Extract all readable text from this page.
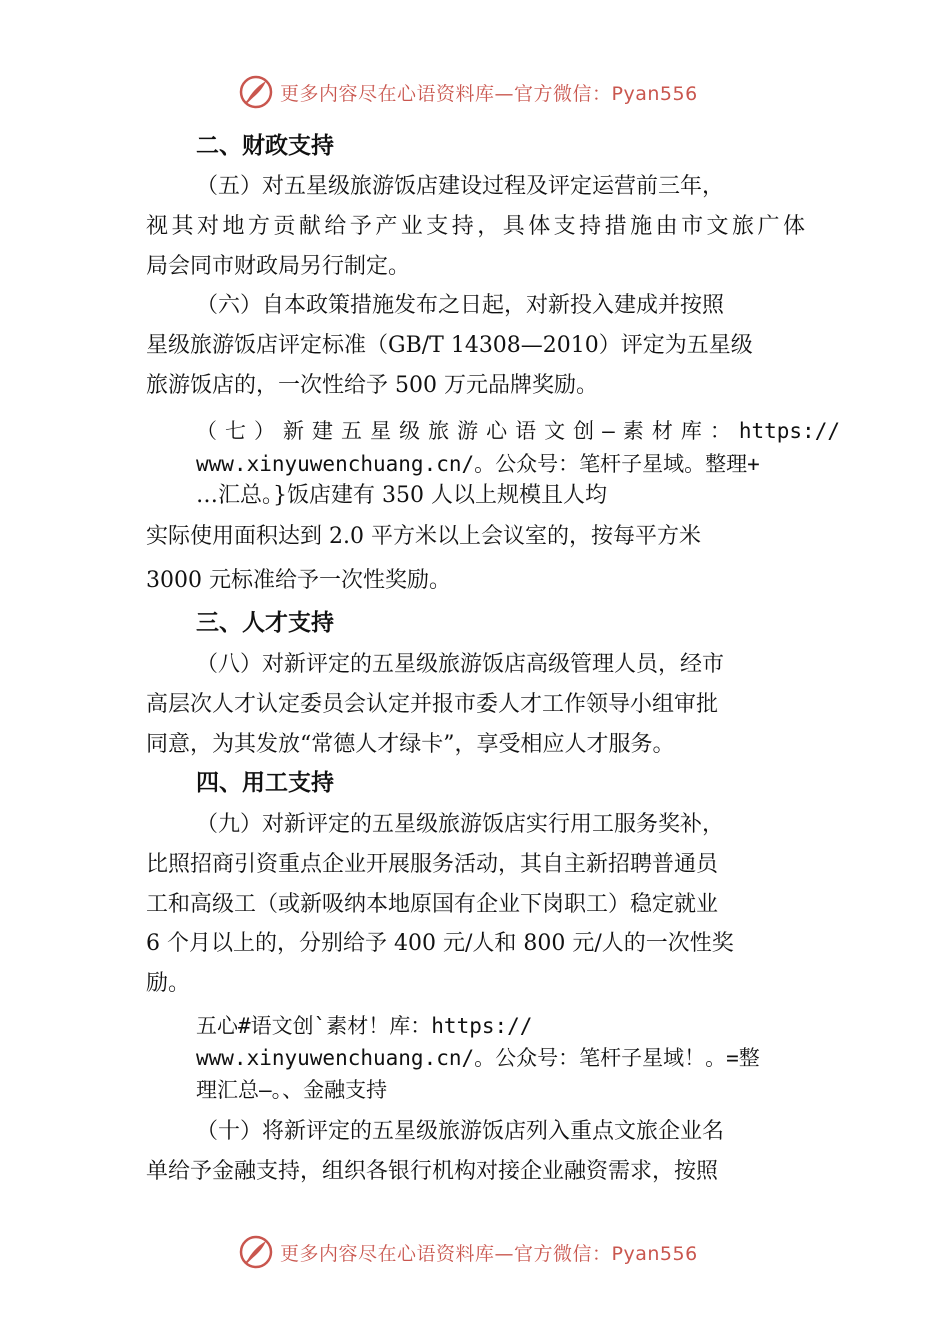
更多内容尽在心语资料库—官方微信：Pyan556
二、财政支持
（五）对五星级旅游饭店建设过程及评定运营前三年，
视其对地方贡献给予产业支持，具体支持措施由市文旅广体
局会同市财政局另行制定。
（六）自本政策措施发布之日起，对新投入建成并按照
星级旅游饭店评定标准（GB/T 14308—2010）评定为五星级
旅游饭店的，一次性给予 500 万元品牌奖励。
（七）新建五星级旅游心语文创—素材库：https://
www.xinyuwenchuang.cn/。公众号：笔杆子星域。整理+
…汇总。}饭店建有 350 人以上规模且人均
实际使用面积达到 2.0 平方米以上会议室的，按每平方米
3000 元标准给予一次性奖励。
三、人才支持
（八）对新评定的五星级旅游饭店高级管理人员，经市
高层次人才认定委员会认定并报市委人才工作领导小组审批
同意，为其发放“常德人才绿卡”，享受相应人才服务。
四、用工支持
（九）对新评定的五星级旅游饭店实行用工服务奖补，
比照招商引资重点企业开展服务活动，其自主新招聘普通员
工和高级工（或新吸纳本地原国有企业下岗职工）稳定就业
6 个月以上的，分别给予 400 元/人和 800 元/人的一次性奖
励。
五心#语文创`素材！库：https://
www.xinyuwenchuang.cn/。公众号：笔杆子星域！。=整
理汇总—。、金融支持
（十）将新评定的五星级旅游饭店列入重点文旅企业名
单给予金融支持，组织各银行机构对接企业融资需求，按照
更多内容尽在心语资料库—官方微信：Pyan556
